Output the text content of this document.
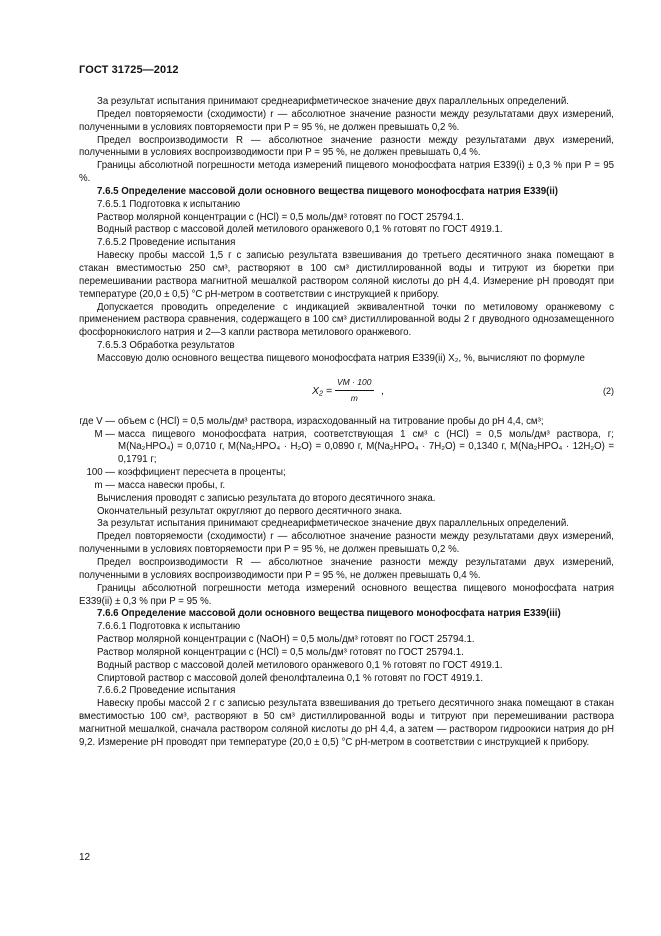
ГОСТ 31725—2012

За результат испытания принимают среднеарифметическое значение двух параллельных определений.

Предел повторяемости (сходимости) r — абсолютное значение разности между результатами двух измерений, полученными в условиях повторяемости при P = 95 %, не должен превышать 0,2 %.

Предел воспроизводимости R — абсолютное значение разности между результатами двух измерений, полученными в условиях воспроизводимости при P = 95 %, не должен превышать 0,4 %.

Границы абсолютной погрешности метода измерений пищевого монофосфата натрия Е339(i) ± 0,3 % при P = 95 %.

7.6.5 Определение массовой доли основного вещества пищевого монофосфата натрия Е339(ii)

7.6.5.1 Подготовка к испытанию

Раствор молярной концентрации с (HCl) = 0,5 моль/дм³ готовят по ГОСТ 25794.1.

Водный раствор с массовой долей метилового оранжевого 0,1 % готовят по ГОСТ 4919.1.

7.6.5.2 Проведение испытания

Навеску пробы массой 1,5 г с записью результата взвешивания до третьего десятичного знака помещают в стакан вместимостью 250 см³, растворяют в 100 см³ дистиллированной воды и титруют из бюретки при перемешивании раствора магнитной мешалкой раствором соляной кислоты до pH 4,4. Измерение pH проводят при температуре (20,0 ± 0,5) °С pH-метром в соответствии с инструкцией к прибору.

Допускается проводить определение с индикацией эквивалентной точки по метиловому оранжевому с применением раствора сравнения, содержащего в 100 см³ дистиллированной воды 2 г двуводного однозамещенного фосфорнокислого натрия и 2—3 капли раствора метилового оранжевого.

7.6.5.3 Обработка результатов

Массовую долю основного вещества пищевого монофосфата натрия Е339(ii) X₂, %, вычисляют по формуле

$X_2 = \frac{VM \cdot 100}{m}$ ,	(2)
где V — объем с (HCl) = 0,5 моль/дм³ раствора, израсходованный на титрование пробы до pH 4,4, см³;
M — масса пищевого монофосфата натрия, соответствующая 1 см³ с (HCl) = 0,5 моль/дм³ раствора, г; M(Na₂HPO₄) = 0,0710 г, M(Na₂HPO₄ · H₂O) = 0,0890 г, M(Na₂HPO₄ · 7H₂O) = 0,1340 г, M(Na₂HPO₄ · 12H₂O) = 0,1791 г;
100 — коэффициент пересчета в проценты;
m — масса навески пробы, г.

Вычисления проводят с записью результата до второго десятичного знака.

Окончательный результат округляют до первого десятичного знака.

За результат испытания принимают среднеарифметическое значение двух параллельных определений.

Предел повторяемости (сходимости) r — абсолютное значение разности между результатами двух измерений, полученными в условиях повторяемости при P = 95 %, не должен превышать 0,2 %.

Предел воспроизводимости R — абсолютное значение разности между результатами двух измерений, полученными в условиях воспроизводимости при P = 95 %, не должен превышать 0,4 %.

Границы абсолютной погрешности метода измерений основного вещества пищевого монофосфата натрия Е339(ii) ± 0,3 % при P = 95 %.

7.6.6 Определение массовой доли основного вещества пищевого монофосфата натрия Е339(iii)

7.6.6.1 Подготовка к испытанию

Раствор молярной концентрации с (NaOH) = 0,5 моль/дм³ готовят по ГОСТ 25794.1.

Раствор молярной концентрации с (HCl) = 0,5 моль/дм³ готовят по ГОСТ 25794.1.

Водный раствор с массовой долей метилового оранжевого 0,1 % готовят по ГОСТ 4919.1.

Спиртовой раствор с массовой долей фенолфталеина 0,1 % готовят по ГОСТ 4919.1.

7.6.6.2 Проведение испытания

Навеску пробы массой 2 г с записью результата взвешивания до третьего десятичного знака помещают в стакан вместимостью 100 см³, растворяют в 50 см³ дистиллированной воды и титруют при перемешивании раствора магнитной мешалкой, сначала раствором соляной кислоты до pH 4,4, а затем — раствором гидроокиси натрия до pH 9,2. Измерение pH проводят при температуре (20,0 ± 0,5) °С pH-метром в соответствии с инструкцией к прибору.

12
